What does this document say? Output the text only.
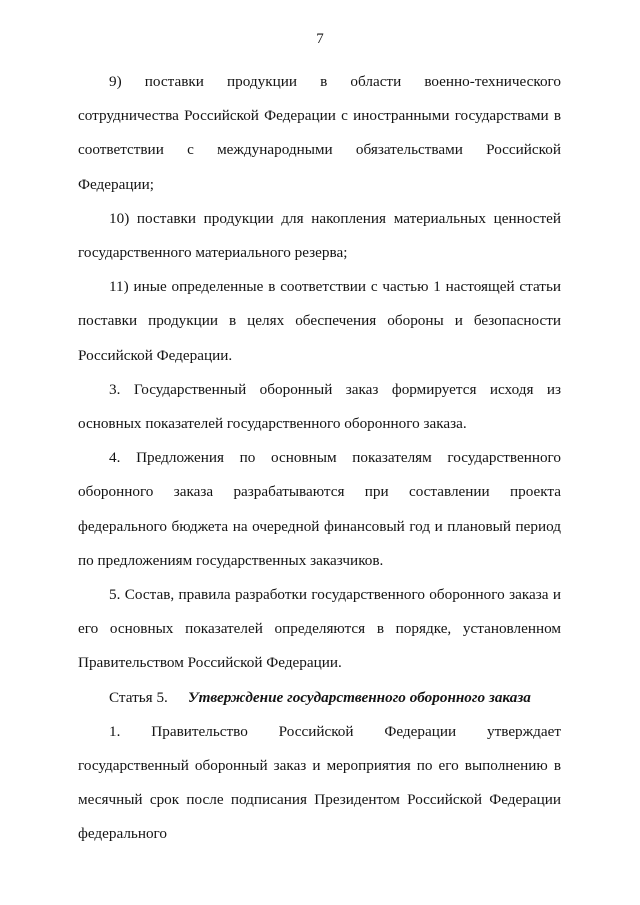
7

9) поставки продукции в области военно-технического сотрудничества Российской Федерации с иностранными государствами в соответствии с международными обязательствами Российской Федерации;

10) поставки продукции для накопления материальных ценностей государственного материального резерва;

11) иные определенные в соответствии с частью 1 настоящей статьи поставки продукции в целях обеспечения обороны и безопасности Российской Федерации.

3. Государственный оборонный заказ формируется исходя из основных показателей государственного оборонного заказа.

4. Предложения по основным показателям государственного оборонного заказа разрабатываются при составлении проекта федерального бюджета на очередной финансовый год и плановый период по предложениям государственных заказчиков.

5. Состав, правила разработки государственного оборонного заказа и его основных показателей определяются в порядке, установленном Правительством Российской Федерации.

Статья 5. Утверждение государственного оборонного заказа

1. Правительство Российской Федерации утверждает государственный оборонный заказ и мероприятия по его выполнению в месячный срок после подписания Президентом Российской Федерации федерального
